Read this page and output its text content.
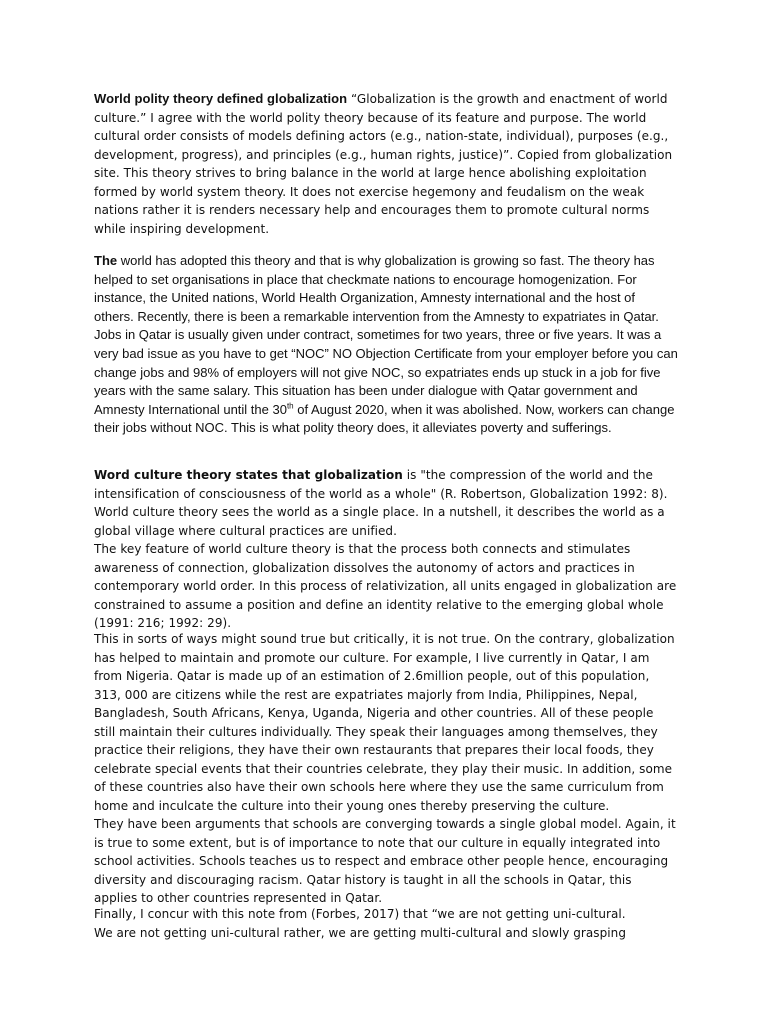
World polity theory defined globalization “Globalization is the growth and enactment of world culture.” I agree with the world polity theory because of its feature and purpose. The world cultural order consists of models defining actors (e.g., nation-state, individual), purposes (e.g., development, progress), and principles (e.g., human rights, justice)”. Copied from globalization site. This theory strives to bring balance in the world at large hence abolishing exploitation formed by world system theory. It does not exercise hegemony and feudalism on the weak nations rather it is renders necessary help and encourages them to promote cultural norms while inspiring development.

The world has adopted this theory and that is why globalization is growing so fast. The theory has helped to set organisations in place that checkmate nations to encourage homogenization. For instance, the United nations, World Health Organization, Amnesty international and the host of others. Recently, there is been a remarkable intervention from the Amnesty to expatriates in Qatar. Jobs in Qatar is usually given under contract, sometimes for two years, three or five years. It was a very bad issue as you have to get “NOC” NO Objection Certificate from your employer before you can change jobs and 98% of employers will not give NOC, so expatriates ends up stuck in a job for five years with the same salary. This situation has been under dialogue with Qatar government and Amnesty International until the 30th of August 2020, when it was abolished. Now, workers can change their jobs without NOC. This is what polity theory does, it alleviates poverty and sufferings.

Word culture theory states that globalization is "the compression of the world and the intensification of consciousness of the world as a whole" (R. Robertson, Globalization 1992: 8). World culture theory sees the world as a single place. In a nutshell, it describes the world as a global village where cultural practices are unified.

The key feature of world culture theory is that the process both connects and stimulates awareness of connection, globalization dissolves the autonomy of actors and practices in contemporary world order. In this process of relativization, all units engaged in globalization are constrained to assume a position and define an identity relative to the emerging global whole (1991: 216; 1992: 29).

This in sorts of ways might sound true but critically, it is not true. On the contrary, globalization has helped to maintain and promote our culture. For example, I live currently in Qatar, I am from Nigeria. Qatar is made up of an estimation of 2.6million people, out of this population, 313, 000 are citizens while the rest are expatriates majorly from India, Philippines, Nepal, Bangladesh, South Africans, Kenya, Uganda, Nigeria and other countries. All of these people still maintain their cultures individually. They speak their languages among themselves, they practice their religions, they have their own restaurants that prepares their local foods, they celebrate special events that their countries celebrate, they play their music. In addition, some of these countries also have their own schools here where they use the same curriculum from home and inculcate the culture into their young ones thereby preserving the culture.

They have been arguments that schools are converging towards a single global model. Again, it is true to some extent, but is of importance to note that our culture in equally integrated into school activities. Schools teaches us to respect and embrace other people hence, encouraging diversity and discouraging racism. Qatar history is taught in all the schools in Qatar, this applies to other countries represented in Qatar.

Finally, I concur with this note from (Forbes, 2017) that “we are not getting uni-cultural.
We are not getting uni-cultural rather, we are getting multi-cultural and slowly grasping
